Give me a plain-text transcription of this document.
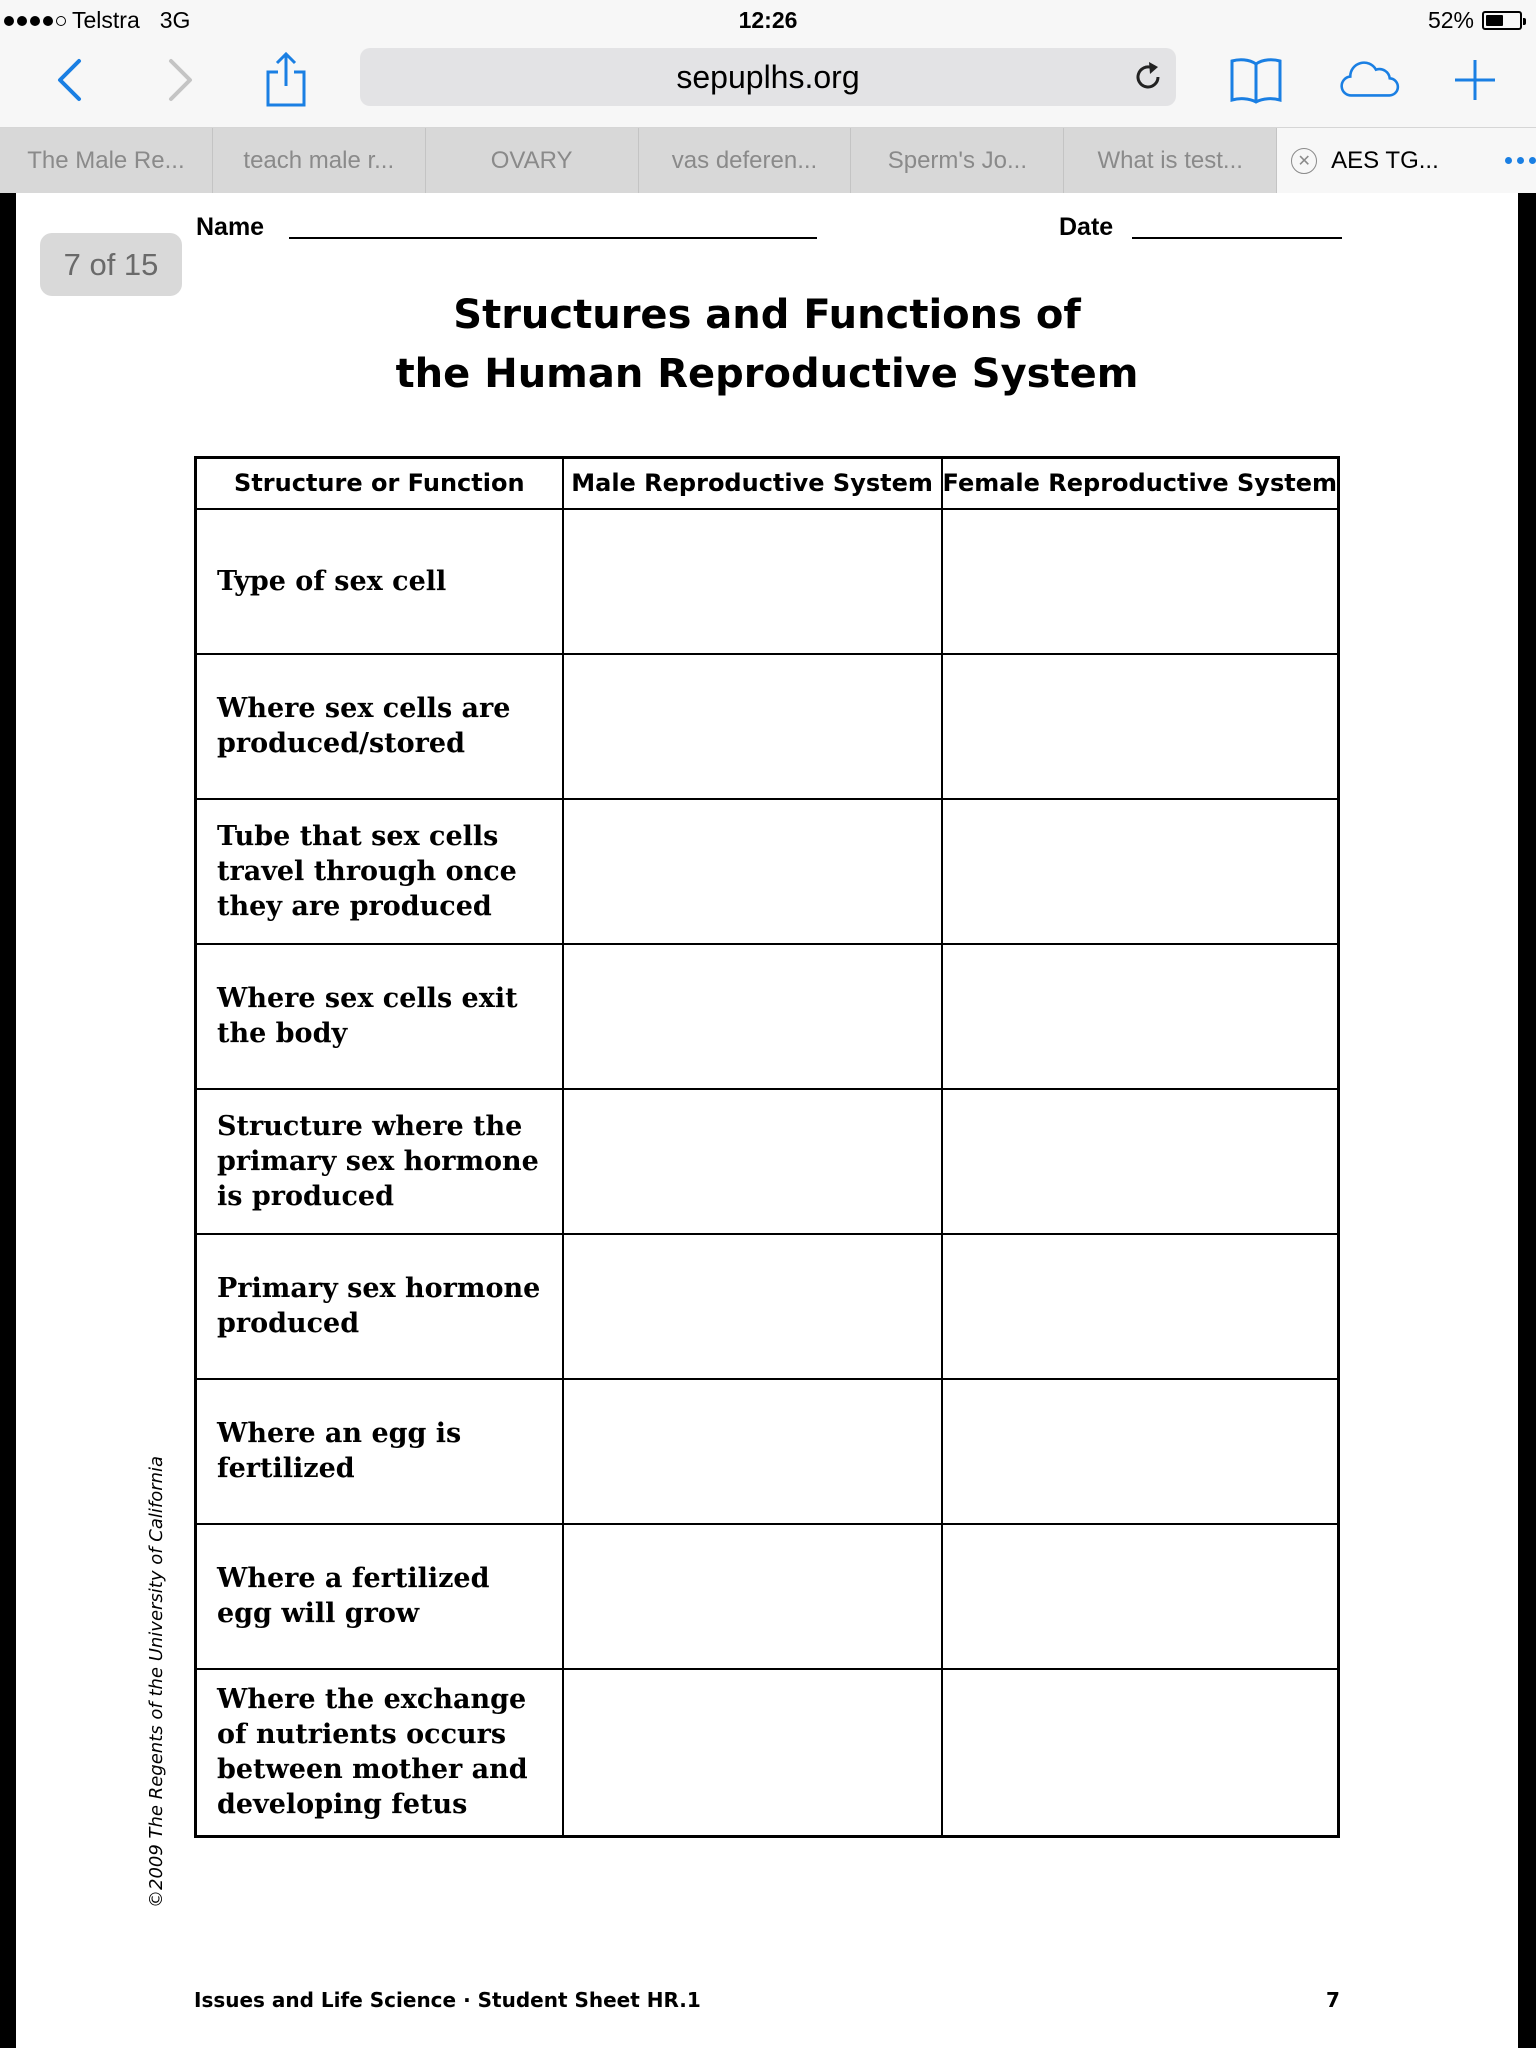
Telstra 3G	12:26	52%
sepuplhs.org
The Male Re...	teach male r...	OVARY	vas deferen...	Sperm's Jo...	What is test...	✕ AES TG...
7 of 15
Name	Date
Structures and Functions of
the Human Reproductive System
Structure or Function	Male Reproductive System	Female Reproductive System
Type of sex cell		
Where sex cells are produced/stored		
Tube that sex cells travel through once they are produced		
Where sex cells exit the body		
Structure where the primary sex hormone is produced		
Primary sex hormone produced		
Where an egg is fertilized		
Where a fertilized egg will grow		
Where the exchange of nutrients occurs between mother and developing fetus		
©2009 The Regents of the University of California
Issues and Life Science · Student Sheet HR.1	7
